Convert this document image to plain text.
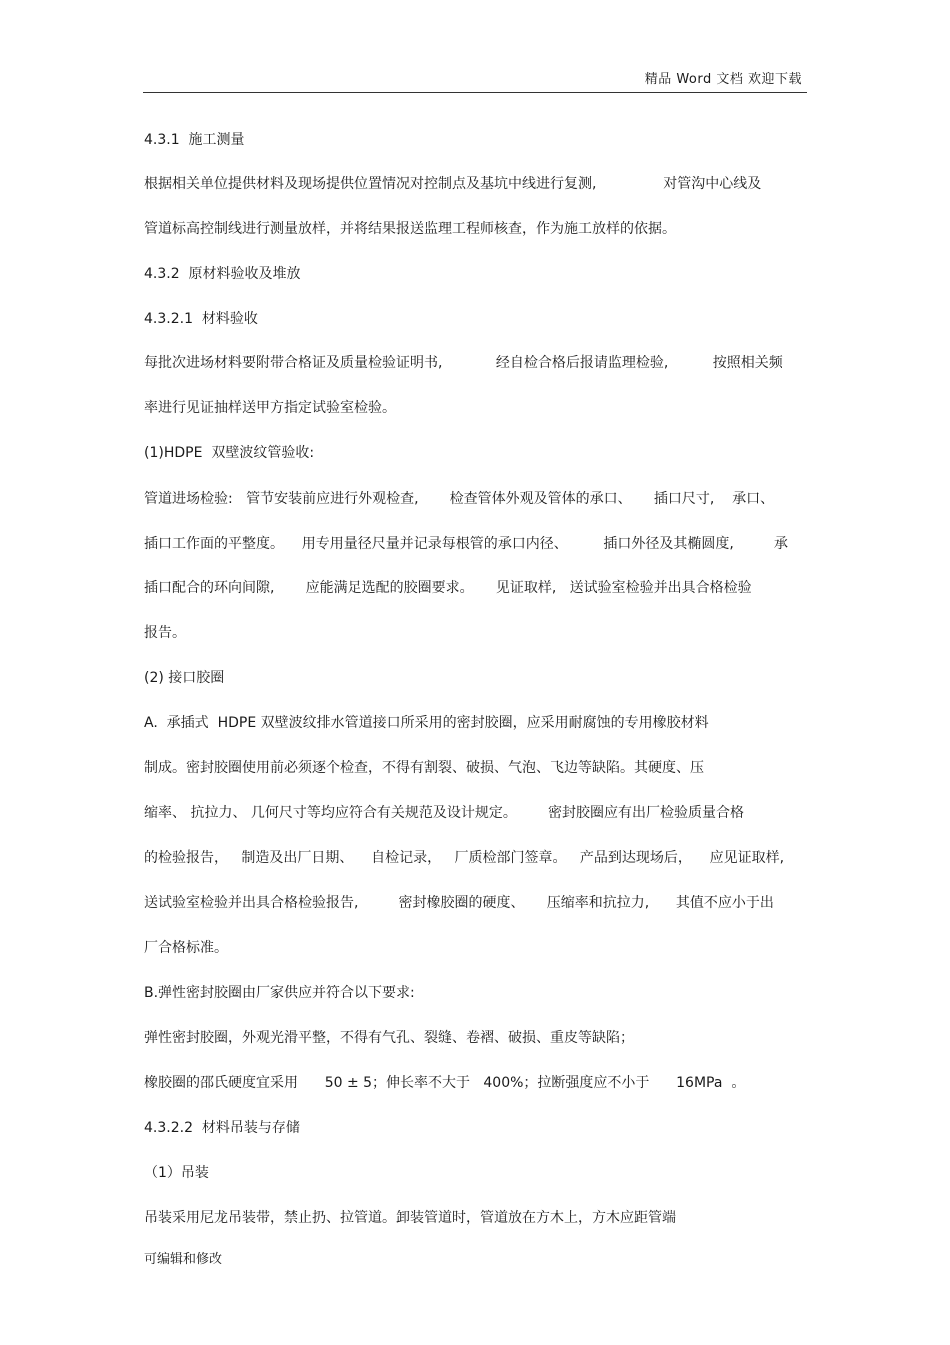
精品 Word 文档 欢迎下载
4.3.1  施工测量
根据相关单位提供材料及现场提供位置情况对控制点及基坑中线进行复测,               对管沟中心线及
管道标高控制线进行测量放样，并将结果报送监理工程师核查，作为施工放样的依据。
4.3.2  原材料验收及堆放
4.3.2.1  材料验收
每批次进场材料要附带合格证及质量检验证明书,            经自检合格后报请监理检验,          按照相关频
率进行见证抽样送甲方指定试验室检验。
(1)HDPE  双壁波纹管验收:
管道进场检验:   管节安装前应进行外观检查,       检查管体外观及管体的承口、     插口尺寸,    承口、
插口工作面的平整度。    用专用量径尺量并记录每根管的承口内径、        插口外径及其椭圆度,         承
插口配合的环向间隙,       应能满足选配的胶圈要求。     见证取样,   送试验室检验并出具合格检验
报告。
(2) 接口胶圈
A.  承插式  HDPE 双壁波纹排水管道接口所采用的密封胶圈，应采用耐腐蚀的专用橡胶材料
制成。密封胶圈使用前必须逐个检查，不得有割裂、破损、气泡、飞边等缺陷。其硬度、压
缩率、 抗拉力、 几何尺寸等均应符合有关规范及设计规定。       密封胶圈应有出厂检验质量合格
的检验报告，   制造及出厂日期、    自检记录，   厂质检部门签章。   产品到达现场后，    应见证取样,
送试验室检验并出具合格检验报告,         密封橡胶圈的硬度、     压缩率和抗拉力,      其值不应小于出
厂合格标准。
B.弹性密封胶圈由厂家供应并符合以下要求:
弹性密封胶圈，外观光滑平整，不得有气孔、裂缝、卷褶、破损、重皮等缺陷；
橡胶圈的邵氏硬度宜采用      50 ± 5；伸长率不大于   400%；拉断强度应不小于      16MPa  。
4.3.2.2  材料吊装与存储
（1）吊装
吊装采用尼龙吊装带，禁止扔、拉管道。卸装管道时，管道放在方木上，方木应距管端
可编辑和修改
